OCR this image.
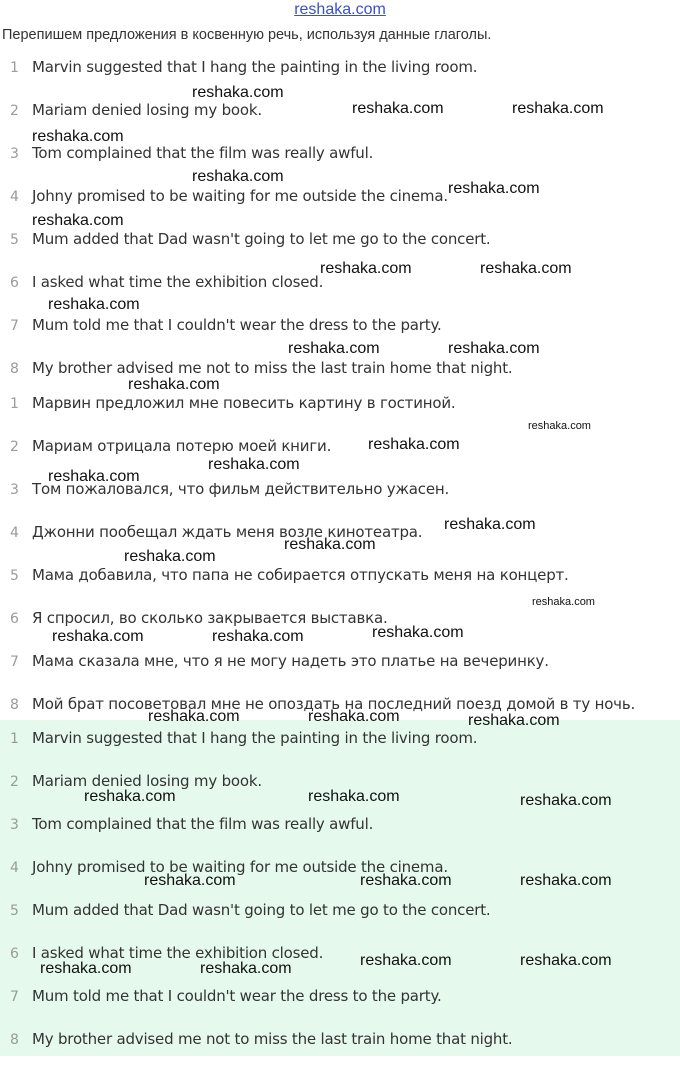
reshaka.com
Перепишем предложения в косвенную речь, используя данные глаголы.
1 Marvin suggested that I hang the painting in the living room.
2 Mariam denied losing my book.
3 Tom complained that the film was really awful.
4 Johny promised to be waiting for me outside the cinema.
5 Mum added that Dad wasn't going to let me go to the concert.
6 I asked what time the exhibition closed.
7 Mum told me that I couldn't wear the dress to the party.
8 My brother advised me not to miss the last train home that night.
1 Марвин предложил мне повесить картину в гостиной.
2 Мариам отрицала потерю моей книги.
3 Том пожаловался, что фильм действительно ужасен.
4 Джонни пообещал ждать меня возле кинотеатра.
5 Мама добавила, что папа не собирается отпускать меня на концерт.
6 Я спросил, во сколько закрывается выставка.
7 Мама сказала мне, что я не могу надеть это платье на вечеринку.
8 Мой брат посоветовал мне не опоздать на последний поезд домой в ту ночь.
1 Marvin suggested that I hang the painting in the living room.
2 Mariam denied losing my book.
3 Tom complained that the film was really awful.
4 Johny promised to be waiting for me outside the cinema.
5 Mum added that Dad wasn't going to let me go to the concert.
6 I asked what time the exhibition closed.
7 Mum told me that I couldn't wear the dress to the party.
8 My brother advised me not to miss the last train home that night.
reshaka.com
reshaka.com	reshaka.com
reshaka.com
reshaka.com
reshaka.com
reshaka.com
reshaka.com	reshaka.com
reshaka.com
reshaka.com	reshaka.com
reshaka.com
reshaka.com
reshaka.com
reshaka.com
reshaka.com
reshaka.com
reshaka.com
reshaka.com
reshaka.com
reshaka.com
reshaka.com	reshaka.com
reshaka.com	reshaka.com	reshaka.com
reshaka.com	reshaka.com	reshaka.com
reshaka.com	reshaka.com	reshaka.com
reshaka.com	reshaka.com
reshaka.com	reshaka.com
